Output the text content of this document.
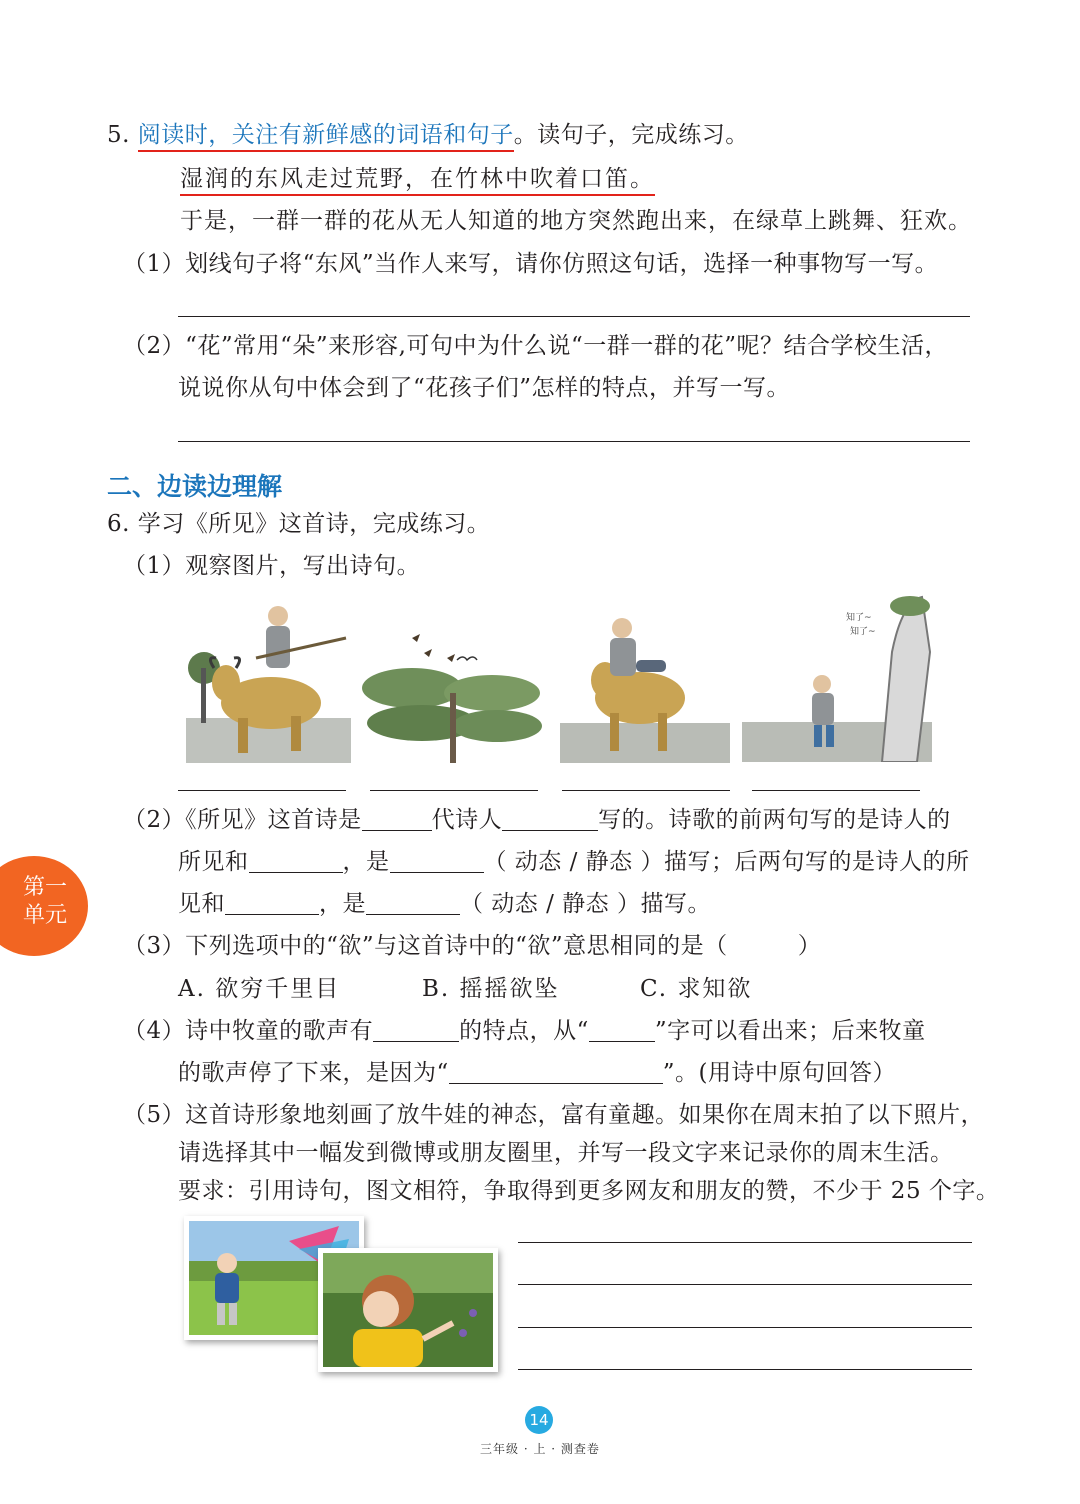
5. 阅读时，关注有新鲜感的词语和句子。读句子，完成练习。
湿润的东风走过荒野，在竹林中吹着口笛。
于是，一群一群的花从无人知道的地方突然跑出来，在绿草上跳舞、狂欢。
（1）划线句子将“东风”当作人来写，请你仿照这句话，选择一种事物写一写。
（2）“花”常用“朵”来形容,可句中为什么说“一群一群的花”呢？结合学校生活，
说说你从句中体会到了“花孩子们”怎样的特点，并写一写。
二、边读边理解
6. 学习《所见》这首诗，完成练习。
（1）观察图片，写出诗句。
知了~
知了~
（2）《所见》这首诗是	代诗人	写的。诗歌的前两句写的是诗人的
所见和	，是	（ 动态 / 静态 ）描写；后两句写的是诗人的所
见和	，是	（ 动态 / 静态 ）描写。
（3）下列选项中的“欲”与这首诗中的“欲”意思相同的是（	）
A. 欲穷千里目	B. 摇摇欲坠	C. 求知欲
（4）诗中牧童的歌声有	的特点，从“	”字可以看出来；后来牧童
的歌声停了下来，是因为“	”。(用诗中原句回答）
（5）这首诗形象地刻画了放牛娃的神态，富有童趣。如果你在周末拍了以下照片，
请选择其中一幅发到微博或朋友圈里，并写一段文字来记录你的周末生活。
要求：引用诗句，图文相符，争取得到更多网友和朋友的赞，不少于 25 个字。
第一
单元
14
三年级 · 上 · 测查卷
